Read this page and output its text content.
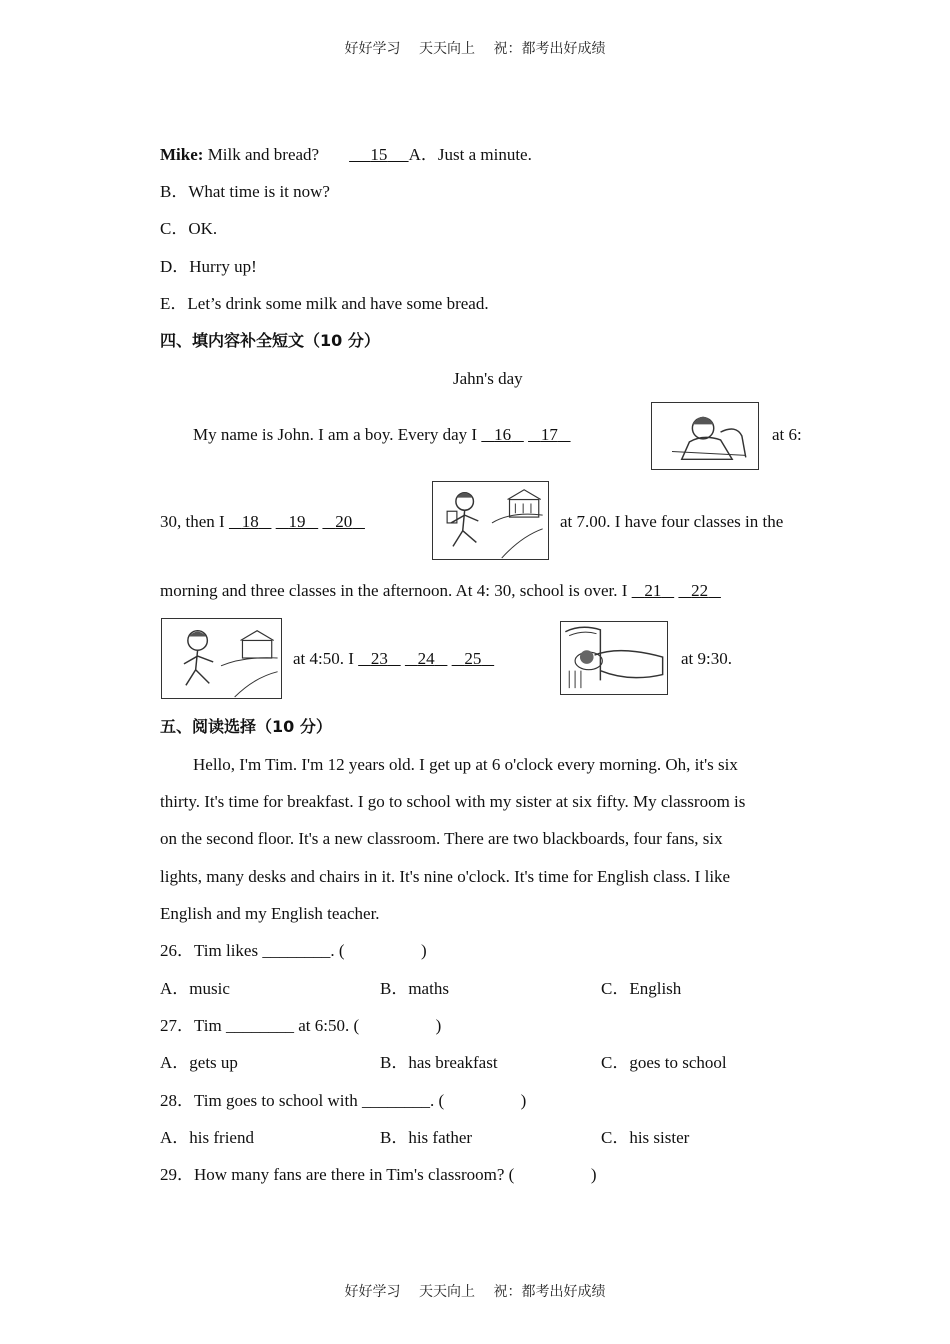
好好学习 天天向上 祝：都考出好成绩
Mike: Milk and bread?	15 A．Just a minute.
B．What time is it now?
C．OK.
D．Hurry up!
E．Let’s drink some milk and have some bread.
四、填内容补全短文（10 分）
Jahn's day
My name is John. I am a boy. Every day I 16 17	at 6:
30, then I 18 19 20	at 7.00. I have four classes in the
morning and three classes in the afternoon. At 4: 30, school is over. I 21 22
at 4:50. I 23 24 25	at 9:30.
五、阅读选择（10 分）
Hello, I'm Tim. I'm 12 years old. I get up at 6 o'clock every morning. Oh, it's six
thirty. It's time for breakfast. I go to school with my sister at six fifty. My classroom is
on the second floor. It's a new classroom. There are two blackboards, four fans, six
lights, many desks and chairs in it. It's nine o'clock. It's time for English class. I like
English and my English teacher.
26．Tim likes ________. (                  )
A．music	B．maths	C．English
27．Tim ________ at 6:50. (                  )
A．gets up	B．has breakfast	C．goes to school
28．Tim goes to school with ________. (                  )
A．his friend	B．his father	C．his sister
29．How many fans are there in Tim's classroom? (                  )
好好学习 天天向上 祝：都考出好成绩
